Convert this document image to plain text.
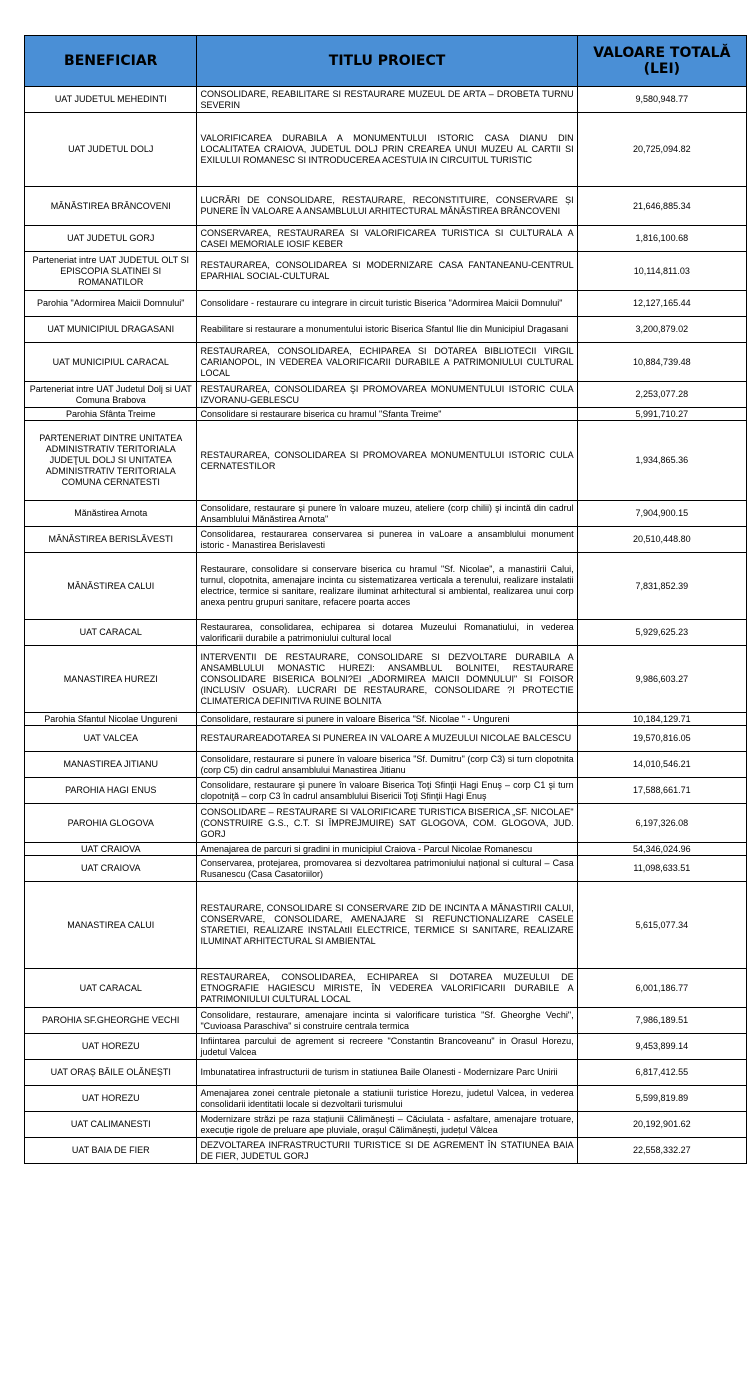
BENEFICIAR	TITLU PROIECT	VALOARE TOTALĂ (LEI)
UAT JUDETUL MEHEDINTI	CONSOLIDARE, REABILITARE SI RESTAURARE MUZEUL DE ARTA – DROBETA TURNU SEVERIN	9,580,948.77
UAT JUDETUL DOLJ	VALORIFICAREA DURABILA A MONUMENTULUI ISTORIC CASA DIANU DIN LOCALITATEA CRAIOVA, JUDETUL DOLJ PRIN CREAREA UNUI MUZEU AL CARTII SI EXILULUI ROMANESC SI INTRODUCEREA ACESTUIA IN CIRCUITUL TURISTIC	20,725,094.82
MÂNĂSTIREA BRÂNCOVENI	LUCRĂRI DE CONSOLIDARE, RESTAURARE, RECONSTITUIRE, CONSERVARE ȘI PUNERE ÎN VALOARE A ANSAMBLULUI ARHITECTURAL MĂNĂSTIREA BRÂNCOVENI	21,646,885.34
UAT JUDETUL GORJ	CONSERVAREA, RESTAURAREA SI VALORIFICAREA TURISTICA SI CULTURALA A CASEI MEMORIALE IOSIF KEBER	1,816,100.68
Parteneriat intre UAT JUDETUL OLT SI EPISCOPIA SLATINEI SI ROMANATILOR	RESTAURAREA, CONSOLIDAREA SI MODERNIZARE CASA FANTANEANU-CENTRUL EPARHIAL SOCIAL-CULTURAL	10,114,811.03
Parohia "Adormirea Maicii Domnului"	Consolidare - restaurare cu integrare in circuit turistic Biserica "Adormirea Maicii Domnului"	12,127,165.44
UAT MUNICIPIUL DRAGASANI	Reabilitare si restaurare a monumentului istoric Biserica Sfantul Ilie din Municipiul Dragasani	3,200,879.02
UAT MUNICIPIUL CARACAL	RESTAURAREA, CONSOLIDAREA, ECHIPAREA SI DOTAREA BIBLIOTECII VIRGIL CARIANOPOL, IN VEDEREA VALORIFICARII DURABILE A PATRIMONIULUI CULTURAL LOCAL	10,884,739.48
Parteneriat intre UAT Judetul Dolj si UAT Comuna Brabova	RESTAURAREA, CONSOLIDAREA ŞI PROMOVAREA MONUMENTULUI ISTORIC CULA IZVORANU-GEBLESCU	2,253,077.28
Parohia Sfânta Treime	Consolidare si restaurare biserica cu hramul "Sfanta Treime"	5,991,710.27
PARTENERIAT DINTRE UNITATEA ADMINISTRATIV TERITORIALA JUDEŢUL DOLJ SI UNITATEA ADMINISTRATIV TERITORIALA COMUNA CERNATESTI	RESTAURAREA, CONSOLIDAREA SI PROMOVAREA MONUMENTULUI ISTORIC CULA CERNATESTILOR	1,934,865.36
Mănăstirea Arnota	Consolidare, restaurare şi punere în valoare muzeu, ateliere (corp chilii) şi incintă din cadrul Ansamblului Mănăstirea Arnota"	7,904,900.15
MÂNĂSTIREA BERISLĂVESTI	Consolidarea, restaurarea conservarea si punerea in vaLoare a ansamblului monument istoric - Manastirea Berislavesti	20,510,448.80
MÂNĂSTIREA CALUI	Restaurare, consolidare si conservare biserica cu hramul "Sf. Nicolae", a manastirii Calui, turnul, clopotnita, amenajare incinta cu sistematizarea verticala a terenului, realizare instalatii electrice, termice si sanitare, realizare iluminat arhitectural si ambiental, realizarea unui corp anexa pentru grupuri sanitare, refacere poarta acces	7,831,852.39
UAT CARACAL	Restaurarea, consolidarea, echiparea si dotarea Muzeului Romanatiului, in vederea valorificarii durabile a patrimoniului cultural local	5,929,625.23
MANASTIREA HUREZI	INTERVENTII DE RESTAURARE, CONSOLIDARE SI DEZVOLTARE DURABILA A ANSAMBLULUI MONASTIC HUREZI: ANSAMBLUL BOLNITEI, RESTAURARE CONSOLIDARE BISERICA BOLNI?EI „ADORMIREA MAICII DOMNULUI" SI FOISOR (INCLUSIV OSUAR). LUCRARI DE RESTAURARE, CONSOLIDARE ?I PROTECTIE CLIMATERICA DEFINITIVA RUINE BOLNITA	9,986,603.27
Parohia Sfantul Nicolae Ungureni	Consolidare, restaurare si punere in valoare Biserica "Sf. Nicolae " - Ungureni	10,184,129.71
UAT VALCEA	RESTAURAREADOTAREA SI PUNEREA IN VALOARE A MUZEULUI NICOLAE BALCESCU	19,570,816.05
MANASTIREA JITIANU	Consolidare, restaurare si punere în valoare biserica "Sf. Dumitru" (corp C3) si turn clopotnita (corp C5) din cadrul ansamblului Manastirea Jitianu	14,010,546.21
PAROHIA HAGI ENUS	Consolidare, restaurare şi punere în valoare Biserica Toţi Sfinţii Hagi Enuş – corp C1 şi turn clopotniţă – corp C3 în cadrul ansamblului Bisericii Toţi Sfinţii Hagi Enuş	17,588,661.71
PAROHIA GLOGOVA	CONSOLIDARE – RESTAURARE SI VALORIFICARE TURISTICA BISERICA „SF. NICOLAE" (CONSTRUIRE G.S., C.T. SI ÎMPREJMUIRE) SAT GLOGOVA, COM. GLOGOVA, JUD. GORJ	6,197,326.08
UAT CRAIOVA	Amenajarea de parcuri si gradini in municipiul Craiova - Parcul Nicolae Romanescu	54,346,024.96
UAT CRAIOVA	Conservarea, protejarea, promovarea si dezvoltarea patrimoniului național si cultural – Casa Rusanescu (Casa Casatoriilor)	11,098,633.51
MANASTIREA CALUI	RESTAURARE, CONSOLIDARE SI CONSERVARE ZID DE INCINTA A MĂNASTIRII CALUI, CONSERVARE, CONSOLIDARE, AMENAJARE SI REFUNCTIONALIZARE CASELE STARETIEI, REALIZARE INSTALAtII ELECTRICE, TERMICE SI SANITARE, REALIZARE ILUMINAT ARHITECTURAL SI AMBIENTAL	5,615,077.34
UAT CARACAL	RESTAURAREA, CONSOLIDAREA, ECHIPAREA SI DOTAREA MUZEULUI DE ETNOGRAFIE HAGIESCU MIRISTE, ÎN VEDEREA VALORIFICARII DURABILE A PATRIMONIULUI CULTURAL LOCAL	6,001,186.77
PAROHIA SF.GHEORGHE VECHI	Consolidare, restaurare, amenajare incinta si valorificare turistica "Sf. Gheorghe Vechi", "Cuvioasa Paraschiva" si construire centrala termica	7,986,189.51
UAT HOREZU	Infiintarea parcului de agrement si recreere "Constantin Brancoveanu" in Orasul Horezu, judetul Valcea	9,453,899.14
UAT ORAȘ BĂILE OLĂNEȘTI	Imbunatatirea infrastructurii de turism in statiunea Baile Olanesti - Modernizare Parc Unirii	6,817,412.55
UAT HOREZU	Amenajarea zonei centrale pietonale a statiunii turistice Horezu, judetul Valcea, in vederea consolidarii identitatii locale si dezvoltarii turismului	5,599,819.89
UAT CALIMANESTI	Modernizare străzi pe raza stațiunii Călimănești – Căciulata - asfaltare, amenajare trotuare, execuție rigole de preluare ape pluviale, orașul Călimănești, județul Vâlcea	20,192,901.62
UAT BAIA DE FIER	DEZVOLTAREA INFRASTRUCTURII TURISTICE SI DE AGREMENT ÎN STATIUNEA BAIA DE FIER, JUDETUL GORJ	22,558,332.27
